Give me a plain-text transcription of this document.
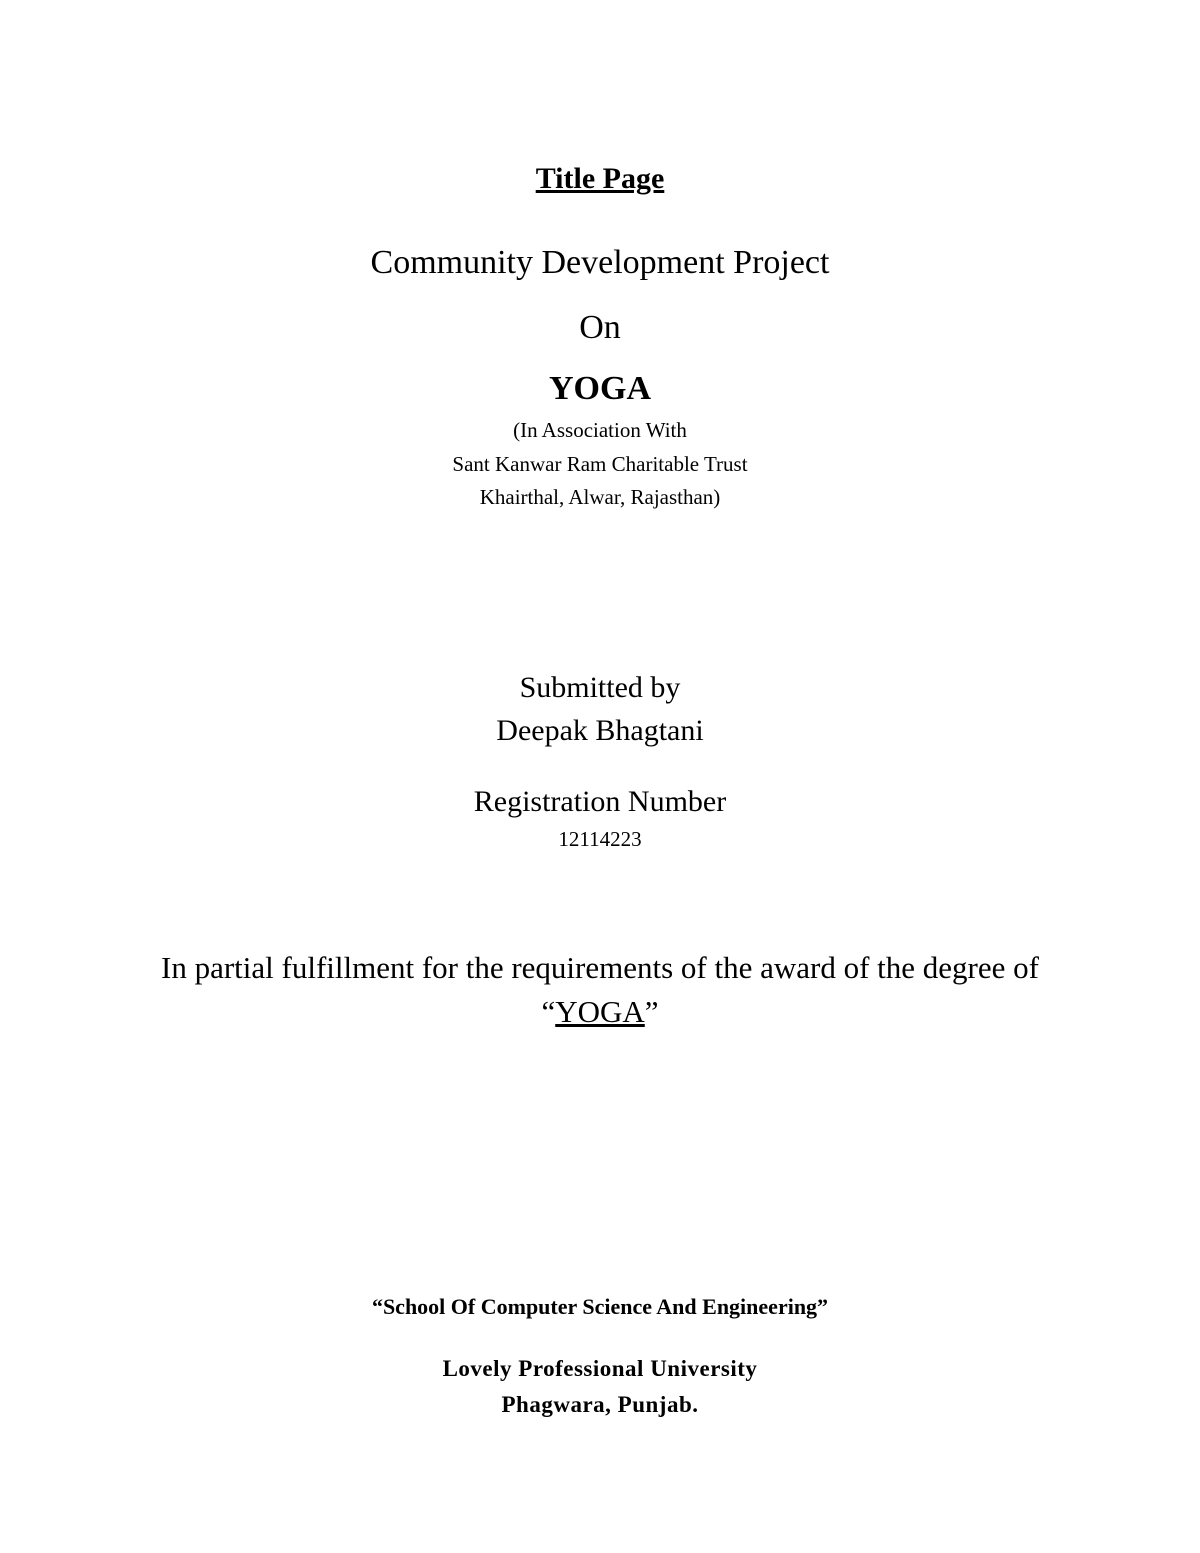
Title Page
Community Development Project
On
YOGA
(In Association With
Sant Kanwar Ram Charitable Trust
Khairthal, Alwar, Rajasthan)
Submitted by
Deepak Bhagtani
Registration Number
12114223
In partial fulfillment for the requirements of the award of the degree of
“YOGA”
“School Of Computer Science And Engineering”
Lovely Professional University
Phagwara, Punjab.
